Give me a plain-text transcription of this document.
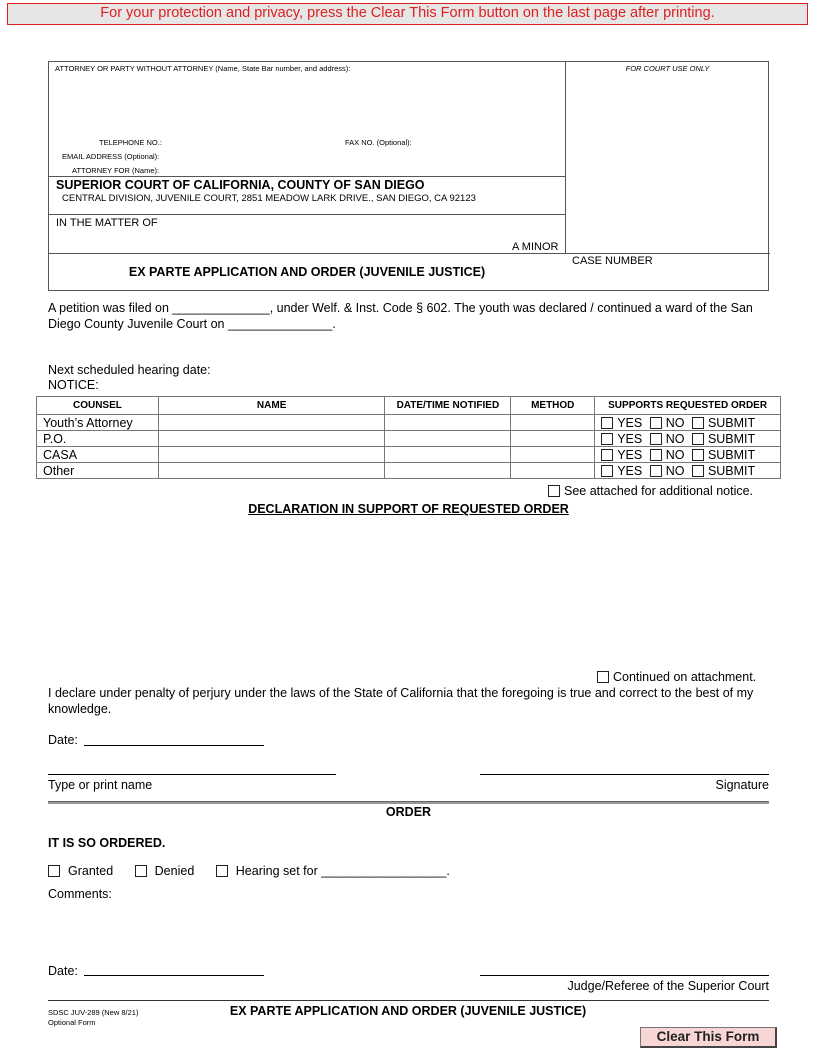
For your protection and privacy, press the Clear This Form button on the last page after printing.
ATTORNEY OR PARTY WITHOUT ATTORNEY (Name, State Bar number, and address):	FOR COURT USE ONLY
TELEPHONE NO.:	FAX NO. (Optional):
EMAIL ADDRESS (Optional):
ATTORNEY FOR (Name):
SUPERIOR COURT OF CALIFORNIA, COUNTY OF SAN DIEGO
CENTRAL DIVISION, JUVENILE COURT, 2851 MEADOW LARK DRIVE., SAN DIEGO, CA 92123
IN THE MATTER OF
A MINOR
CASE NUMBER
EX PARTE APPLICATION AND ORDER (JUVENILE JUSTICE)
A petition was filed on ______________, under Welf. & Inst. Code § 602. The youth was declared / continued a ward of the San Diego County Juvenile Court on _______________.
Next scheduled hearing date:
NOTICE:
COUNSEL	NAME	DATE/TIME NOTIFIED	METHOD	SUPPORTS REQUESTED ORDER
Youth’s Attorney				YES NO SUBMIT
P.O.				YES NO SUBMIT
CASA				YES NO SUBMIT
Other				YES NO SUBMIT
See attached for additional notice.
DECLARATION IN SUPPORT OF REQUESTED ORDER
Continued on attachment.
I declare under penalty of perjury under the laws of the State of California that the foregoing is true and correct to the best of my knowledge.
Date:
Type or print name	Signature
ORDER
IT IS SO ORDERED.
Granted	Denied	Hearing set for __________________.
Comments:
Date:
Judge/Referee of the Superior Court
SDSC JUV-289 (New 8/21)
Optional Form
EX PARTE APPLICATION AND ORDER (JUVENILE JUSTICE)
Clear This Form
